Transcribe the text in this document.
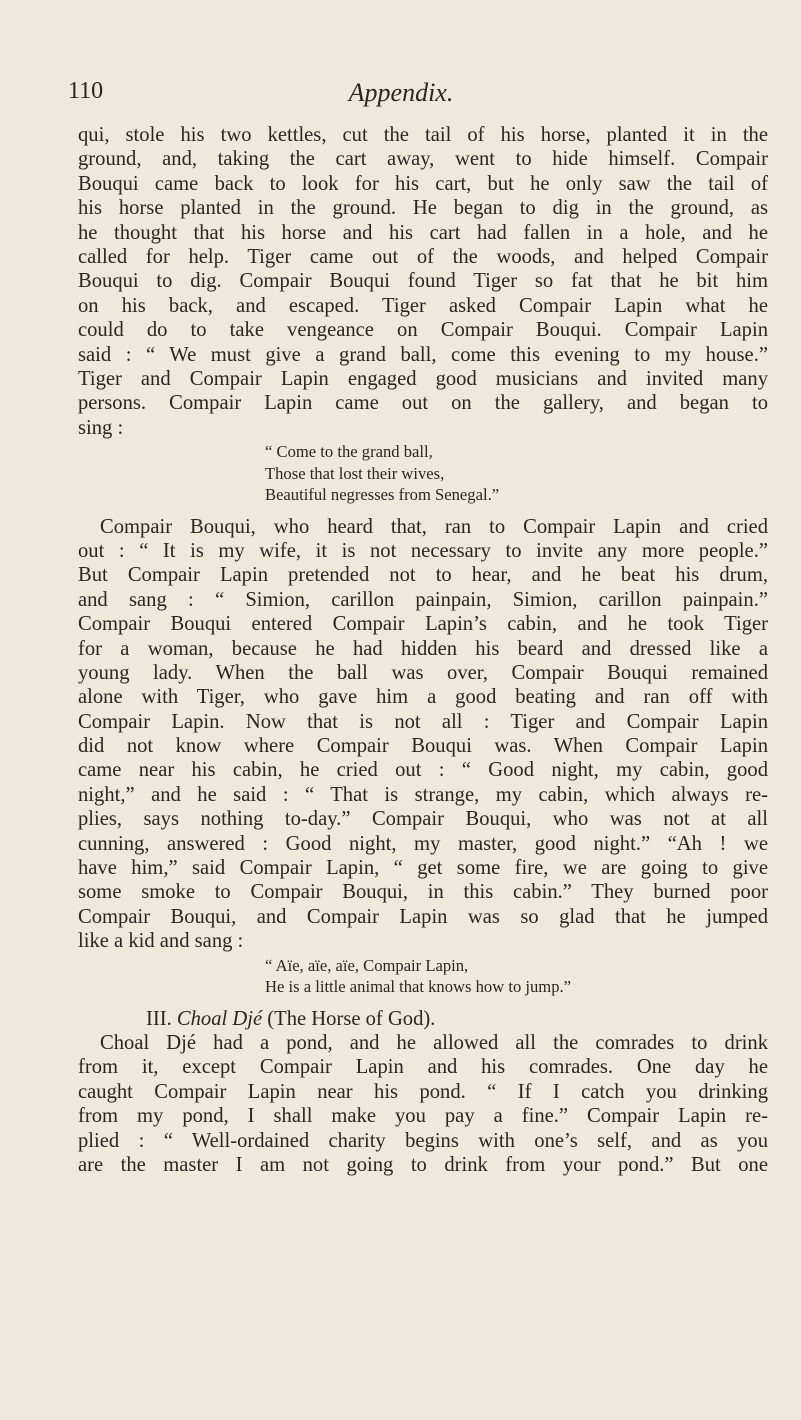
110	Appendix.
qui, stole his two kettles, cut the tail of his horse, planted it in the
ground, and, taking the cart away, went to hide himself. Compair
Bouqui came back to look for his cart, but he only saw the tail of
his horse planted in the ground. He began to dig in the ground, as
he thought that his horse and his cart had fallen in a hole, and he
called for help. Tiger came out of the woods, and helped Compair
Bouqui to dig. Compair Bouqui found Tiger so fat that he bit him
on his back, and escaped. Tiger asked Compair Lapin what he
could do to take vengeance on Compair Bouqui. Compair Lapin
said : “ We must give a grand ball, come this evening to my house.”
Tiger and Compair Lapin engaged good musicians and invited many
persons. Compair Lapin came out on the gallery, and began to
sing :
“ Come to the grand ball,
Those that lost their wives,
Beautiful negresses from Senegal.”
Compair Bouqui, who heard that, ran to Compair Lapin and cried
out : “ It is my wife, it is not necessary to invite any more people.”
But Compair Lapin pretended not to hear, and he beat his drum,
and sang : “ Simion, carillon painpain, Simion, carillon painpain.”
Compair Bouqui entered Compair Lapin’s cabin, and he took Tiger
for a woman, because he had hidden his beard and dressed like a
young lady. When the ball was over, Compair Bouqui remained
alone with Tiger, who gave him a good beating and ran off with
Compair Lapin. Now that is not all : Tiger and Compair Lapin
did not know where Compair Bouqui was. When Compair Lapin
came near his cabin, he cried out : “ Good night, my cabin, good
night,” and he said : “ That is strange, my cabin, which always re-
plies, says nothing to-day.” Compair Bouqui, who was not at all
cunning, answered : Good night, my master, good night.” “Ah ! we
have him,” said Compair Lapin, “ get some fire, we are going to give
some smoke to Compair Bouqui, in this cabin.” They burned poor
Compair Bouqui, and Compair Lapin was so glad that he jumped
like a kid and sang :
“ Aïe, aïe, aïe, Compair Lapin,
He is a little animal that knows how to jump.”
III. Choal Djé (The Horse of God).
Choal Djé had a pond, and he allowed all the comrades to drink
from it, except Compair Lapin and his comrades. One day he
caught Compair Lapin near his pond. “ If I catch you drinking
from my pond, I shall make you pay a fine.” Compair Lapin re-
plied : “ Well-ordained charity begins with one’s self, and as you
are the master I am not going to drink from your pond.” But one
